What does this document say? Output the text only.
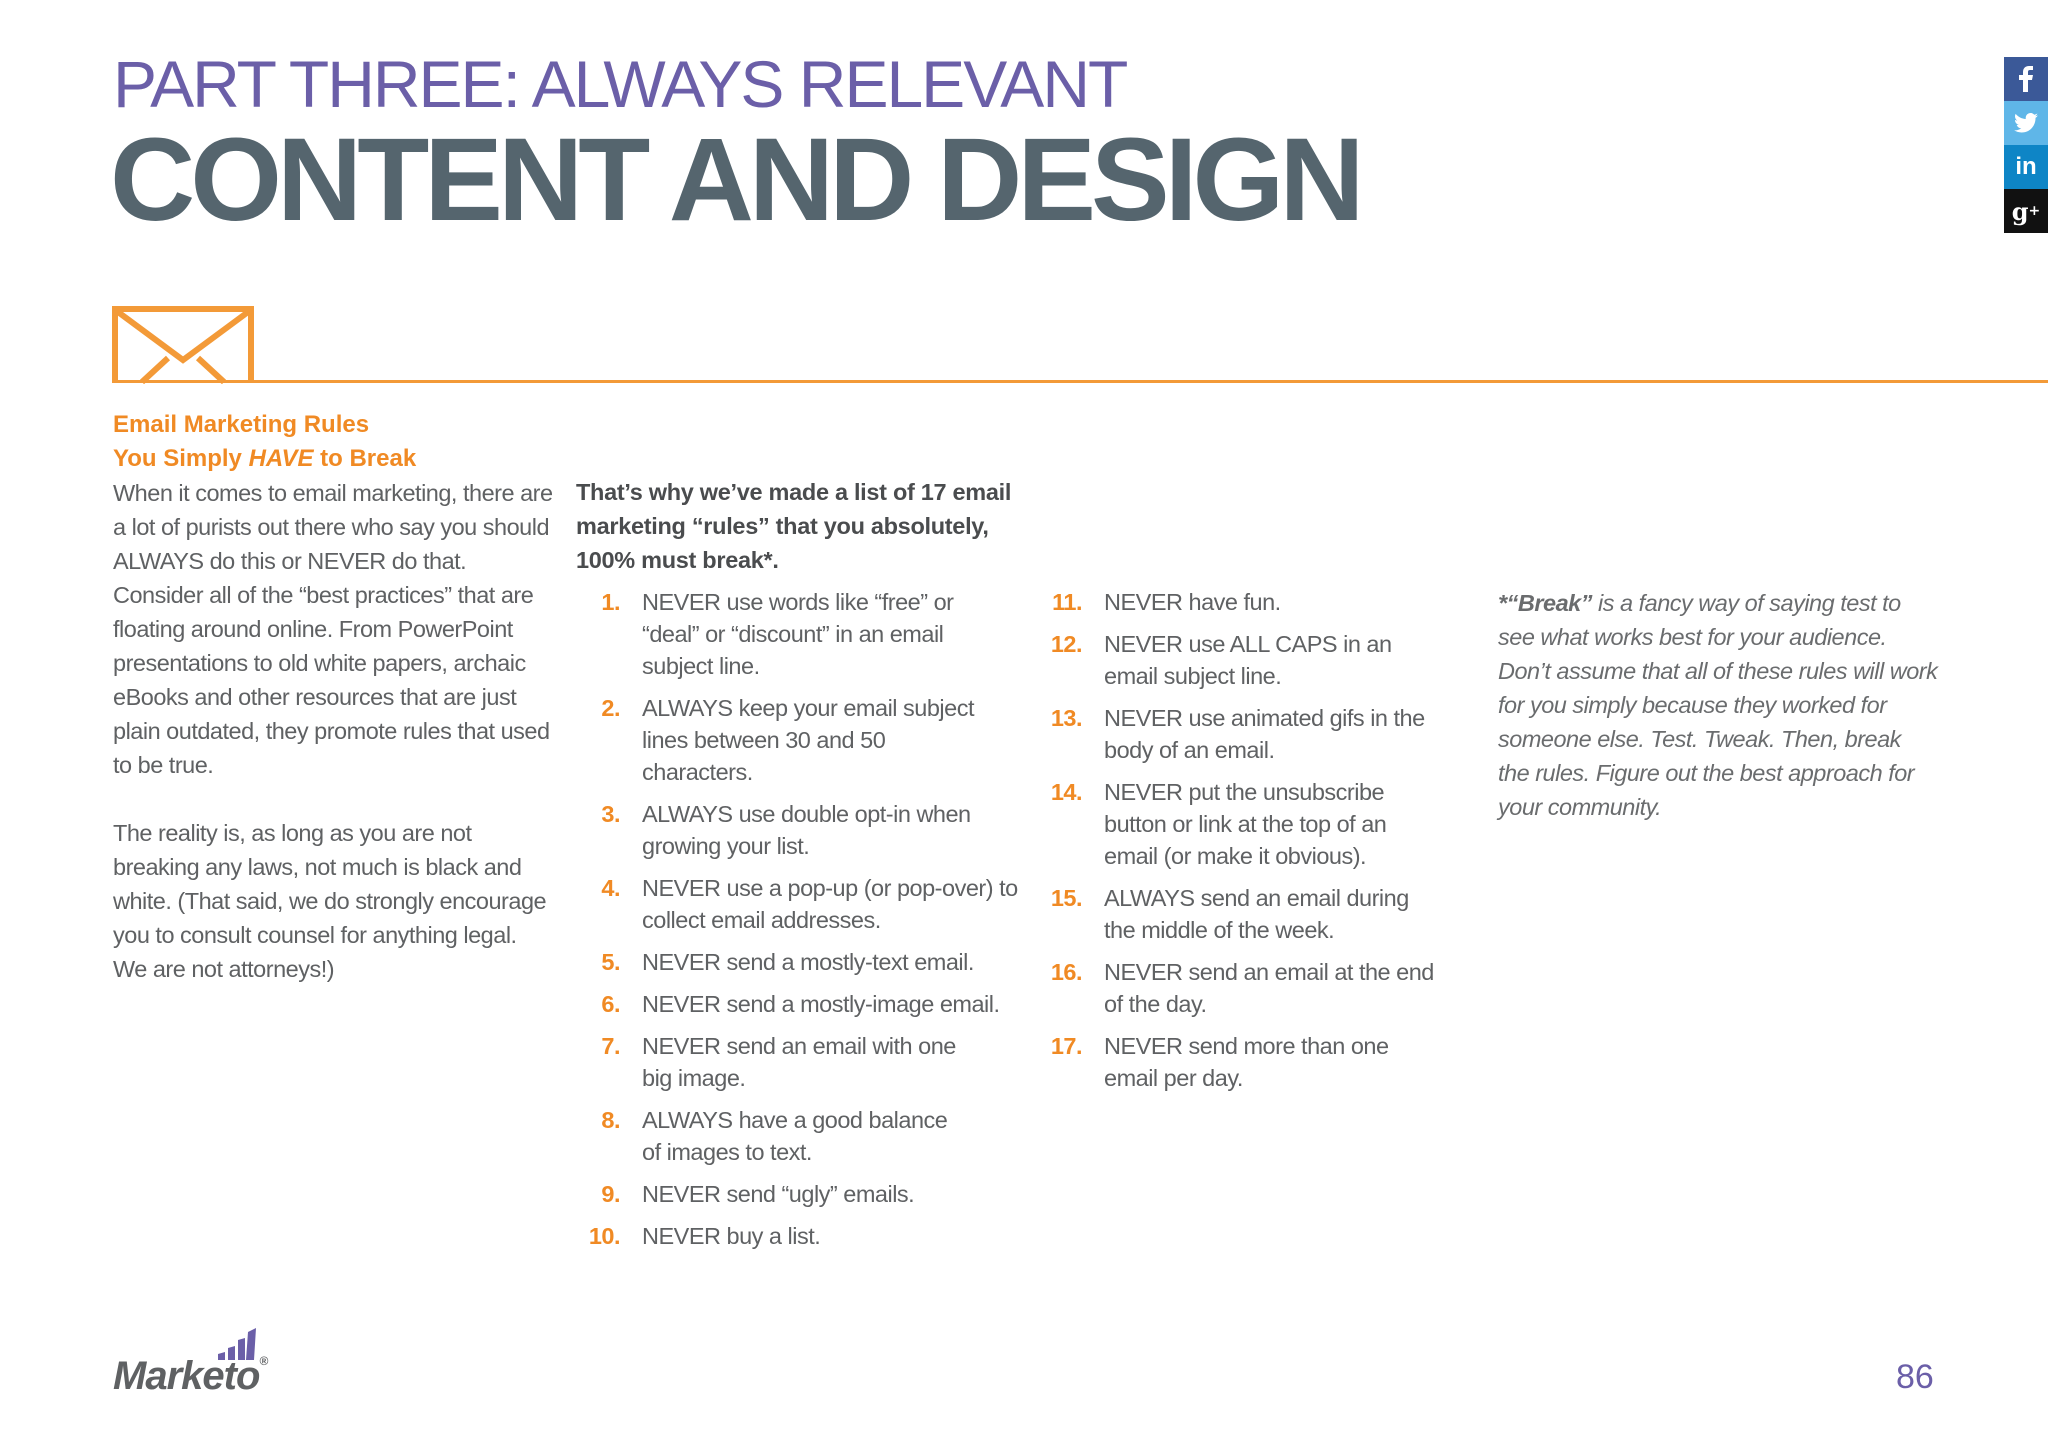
PART THREE: ALWAYS RELEVANT
CONTENT AND DESIGN	in
g +
Email Marketing Rules
You Simply HAVE to Break
When it comes to email marketing, there are a lot of purists out there who say you should ALWAYS do this or NEVER do that. Consider all of the “best practices” that are floating around online. From PowerPoint presentations to old white papers, archaic eBooks and other resources that are just plain outdated, they promote rules that used to be true.
The reality is, as long as you are not breaking any laws, not much is black and white. (That said, we do strongly encourage you to consult counsel for anything legal. We are not attorneys!)
That’s why we’ve made a list of 17 email marketing “rules” that you absolutely, 100% must break*.
1. NEVER use words like “free” or “deal” or “discount” in an email subject line.
2. ALWAYS keep your email subject lines between 30 and 50 characters.
3. ALWAYS use double opt-in when growing your list.
4. NEVER use a pop-up (or pop-over) to collect email addresses.
5. NEVER send a mostly-text email.
6. NEVER send a mostly-image email.
7. NEVER send an email with one big image.
8. ALWAYS have a good balance of images to text.
9. NEVER send “ugly” emails.
10. NEVER buy a list.
11. NEVER have fun.
12. NEVER use ALL CAPS in an email subject line.
13. NEVER use animated gifs in the body of an email.
14. NEVER put the unsubscribe button or link at the top of an email (or make it obvious).
15. ALWAYS send an email during the middle of the week.
16. NEVER send an email at the end of the day.
17. NEVER send more than one email per day.
*“Break” is a fancy way of saying test to see what works best for your audience. Don’t assume that all of these rules will work for you simply because they worked for someone else. Test. Tweak. Then, break the rules. Figure out the best approach for your community.
Marketo®	86
